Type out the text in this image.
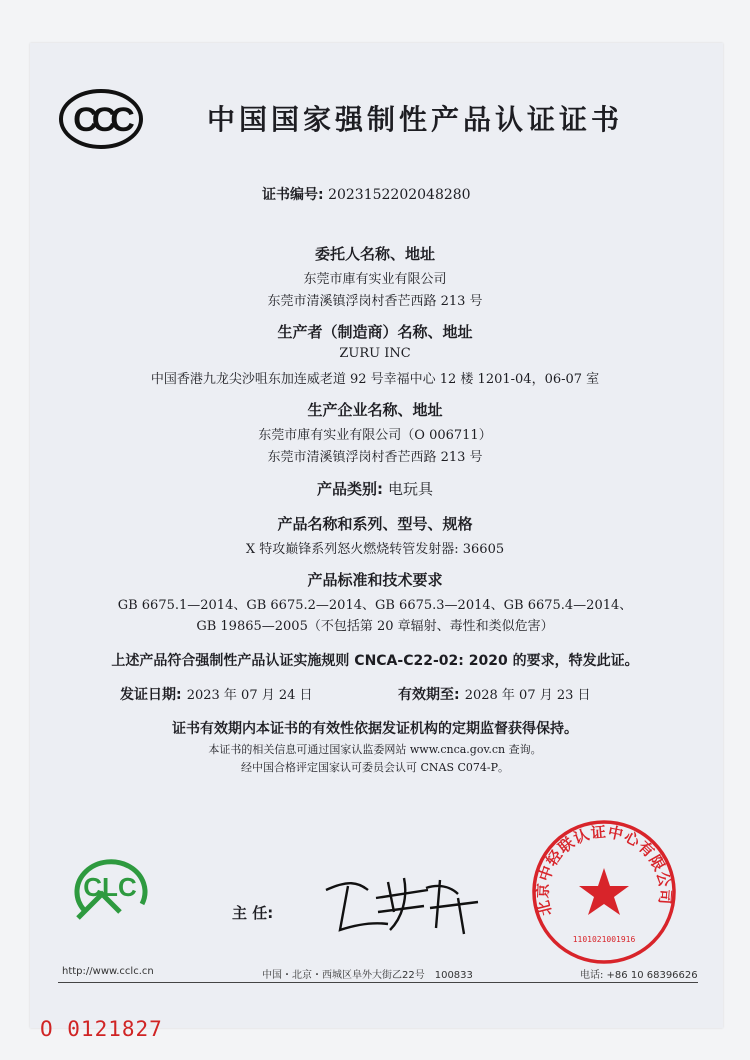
CCC	中国国家强制性产品认证证书
证书编号: 2023152202048280
委托人名称、地址
东莞市庫有实业有限公司
东莞市清溪镇浮岗村香芒西路 213 号
生产者（制造商）名称、地址
ZURU INC
中国香港九龙尖沙咀东加连威老道 92 号幸福中心 12 楼 1201-04，06-07 室
生产企业名称、地址
东莞市庫有实业有限公司（O 006711）
东莞市清溪镇浮岗村香芒西路 213 号
产品类别: 电玩具
产品名称和系列、型号、规格
X 特攻巅锋系列怒火燃烧转管发射器: 36605
产品标准和技术要求
GB 6675.1—2014、GB 6675.2—2014、GB 6675.3—2014、GB 6675.4—2014、
GB 19865—2005（不包括第 20 章辐射、毒性和类似危害）
上述产品符合强制性产品认证实施规则 CNCA-C22-02: 2020 的要求，特发此证。
发证日期: 2023 年 07 月 24 日	有效期至: 2028 年 07 月 23 日
证书有效期内本证书的有效性依据发证机构的定期监督获得保持。
本证书的相关信息可通过国家认监委网站 www.cnca.gov.cn 查询。
经中国合格评定国家认可委员会认可 CNAS C074-P。
CLC
主 任:	北京中轻联认证中心有限公司
1101021001916
http://www.cclc.cn	中国・北京・西城区阜外大街乙22号　100833	电话: +86 10 68396626
O 0121827
